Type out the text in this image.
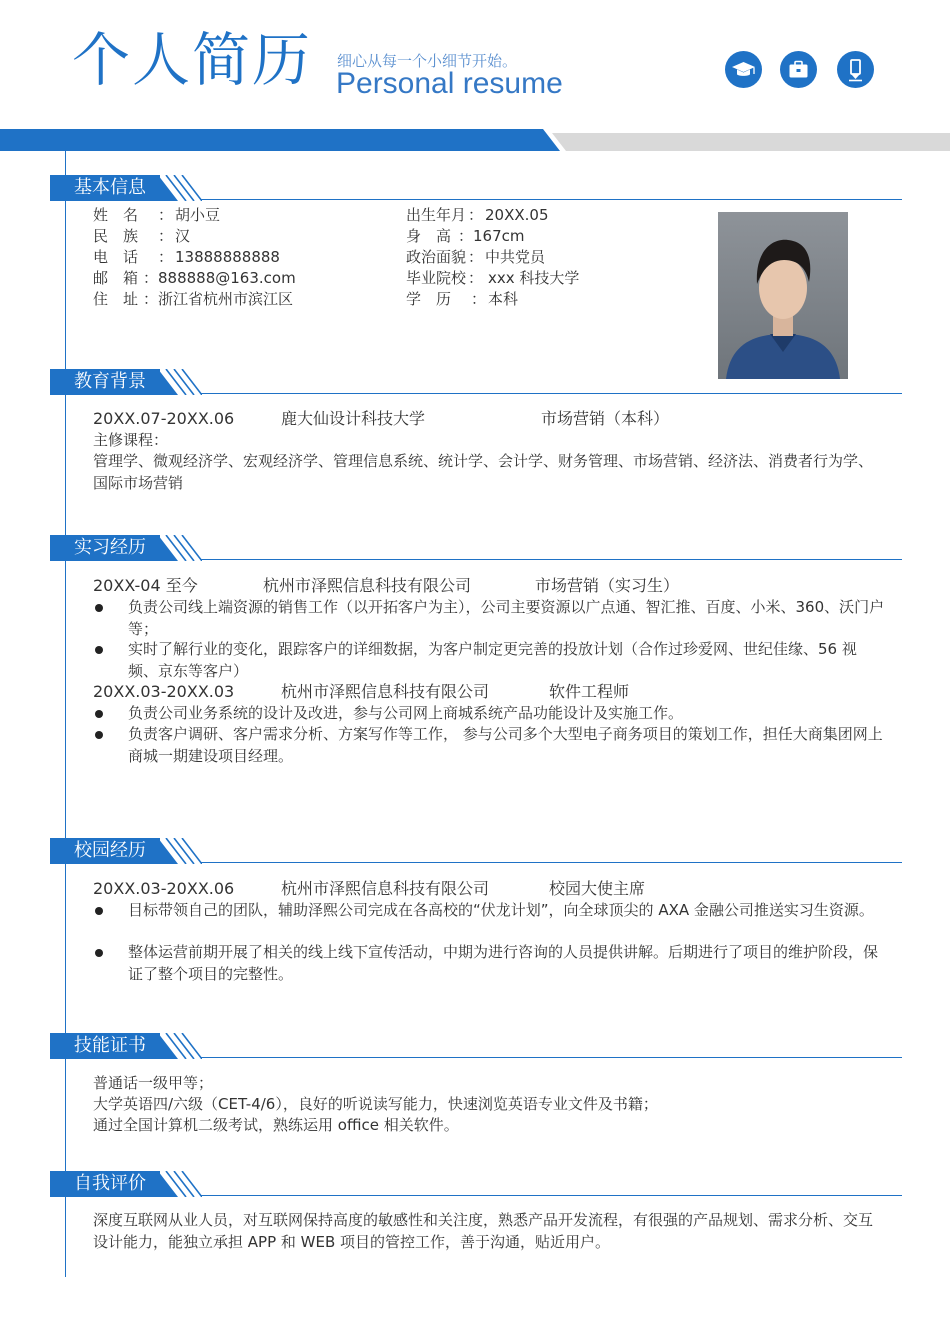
个人简历 细心从每一个小细节开始。
Personal resume
基本信息
姓　名 ： 胡小豆
民　族 ： 汉
电　话 ： 13888888888
邮　箱 ： 888888@163.com
住　址 ： 浙江省杭州市滨江区
出生年月 ： 20XX.05
身　高 ： 167cm
政治面貌 ： 中共党员
毕业院校 ： xxx 科技大学
学　历 ： 本科
教育背景
20XX.07-20XX.06	鹿大仙设计科技大学	市场营销（本科）
主修课程：
管理学、微观经济学、宏观经济学、管理信息系统、统计学、会计学、财务管理、市场营销、经济法、消费者行为学、国际市场营销
实习经历
20XX-04 至今	杭州市泽熙信息科技有限公司	市场营销（实习生）
负责公司线上端资源的销售工作（以开拓客户为主），公司主要资源以广点通、智汇推、百度、小米、360、沃门户等；
实时了解行业的变化，跟踪客户的详细数据，为客户制定更完善的投放计划（合作过珍爱网、世纪佳缘、56 视频、京东等客户）
20XX.03-20XX.03	杭州市泽熙信息科技有限公司	软件工程师
负责公司业务系统的设计及改进，参与公司网上商城系统产品功能设计及实施工作。
负责客户调研、客户需求分析、方案写作等工作， 参与公司多个大型电子商务项目的策划工作，担任大商集团网上商城一期建设项目经理。
校园经历
20XX.03-20XX.06	杭州市泽熙信息科技有限公司	校园大使主席
目标带领自己的团队，辅助泽熙公司完成在各高校的“伏龙计划”，向全球顶尖的 AXA 金融公司推送实习生资源。
整体运营前期开展了相关的线上线下宣传活动，中期为进行咨询的人员提供讲解。后期进行了项目的维护阶段，保证了整个项目的完整性。
技能证书
普通话一级甲等；
大学英语四/六级（CET-4/6），良好的听说读写能力，快速浏览英语专业文件及书籍；
通过全国计算机二级考试，熟练运用 office 相关软件。
自我评价
深度互联网从业人员，对互联网保持高度的敏感性和关注度，熟悉产品开发流程，有很强的产品规划、需求分析、交互设计能力，能独立承担 APP 和 WEB 项目的管控工作，善于沟通，贴近用户。
